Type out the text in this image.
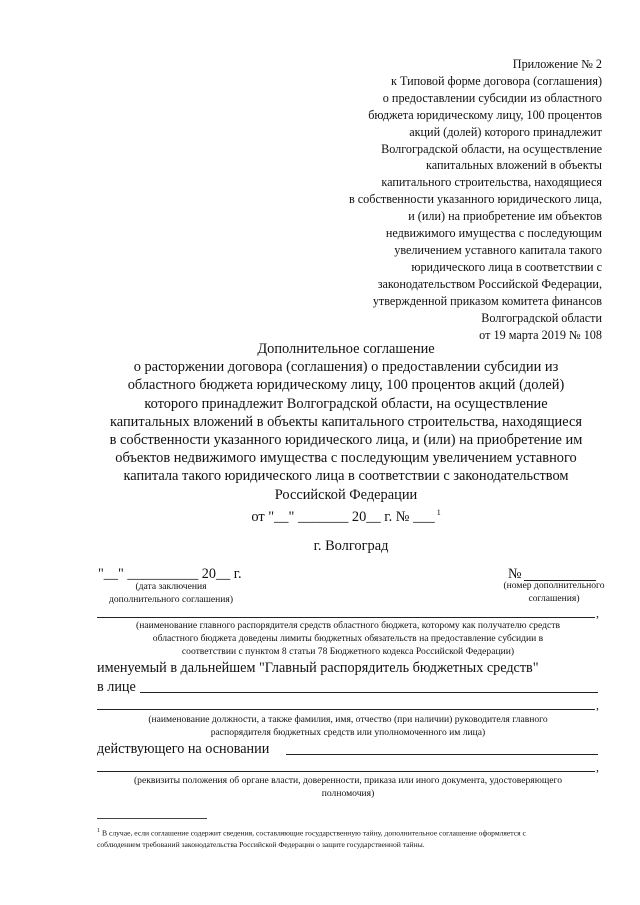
Приложение № 2
к Типовой форме договора (соглашения)
о предоставлении субсидии из областного
бюджета юридическому лицу, 100 процентов
акций (долей) которого принадлежит
Волгоградской области, на осуществление
капитальных вложений в объекты
капитального строительства, находящиеся
в собственности указанного юридического лица,
и (или) на приобретение им объектов
недвижимого имущества с последующим
увеличением уставного капитала такого
юридического лица в соответствии с
законодательством Российской Федерации,
утвержденной приказом комитета финансов
Волгоградской области
от 19 марта 2019 № 108
Дополнительное соглашение
о расторжении договора (соглашения) о предоставлении субсидии из
областного бюджета юридическому лицу, 100 процентов акций (долей)
которого принадлежит Волгоградской области, на осуществление
капитальных вложений в объекты капитального строительства, находящиеся
в собственности указанного юридического лица, и (или) на приобретение им
объектов недвижимого имущества с последующим увеличением уставного
капитала такого юридического лица в соответствии с законодательством
Российской Федерации
от "__" _______ 20__ г. № ___ $^1$
г. Волгоград
"__" __________ 20__ г.
(дата заключения
дополнительного соглашения)
№
(номер дополнительного
соглашения)
,
(наименование главного распорядителя средств областного бюджета, которому как получателю средств
областного бюджета доведены лимиты бюджетных обязательств на предоставление субсидии в
соответствии с пунктом 8 статьи 78 Бюджетного кодекса Российской Федерации)
именуемый в дальнейшем "Главный распорядитель бюджетных средств"
в лице
,
(наименование должности, а также фамилия, имя, отчество (при наличии) руководителя главного
распорядителя бюджетных средств или уполномоченного им лица)
действующего на основании
,
(реквизиты положения об органе власти, доверенности, приказа или иного документа, удостоверяющего
полномочия)
$^1$ В случае, если соглашение содержит сведения, составляющие государственную тайну, дополнительное соглашение оформляется с
соблюдением требований законодательства Российской Федерации о защите государственной тайны.
